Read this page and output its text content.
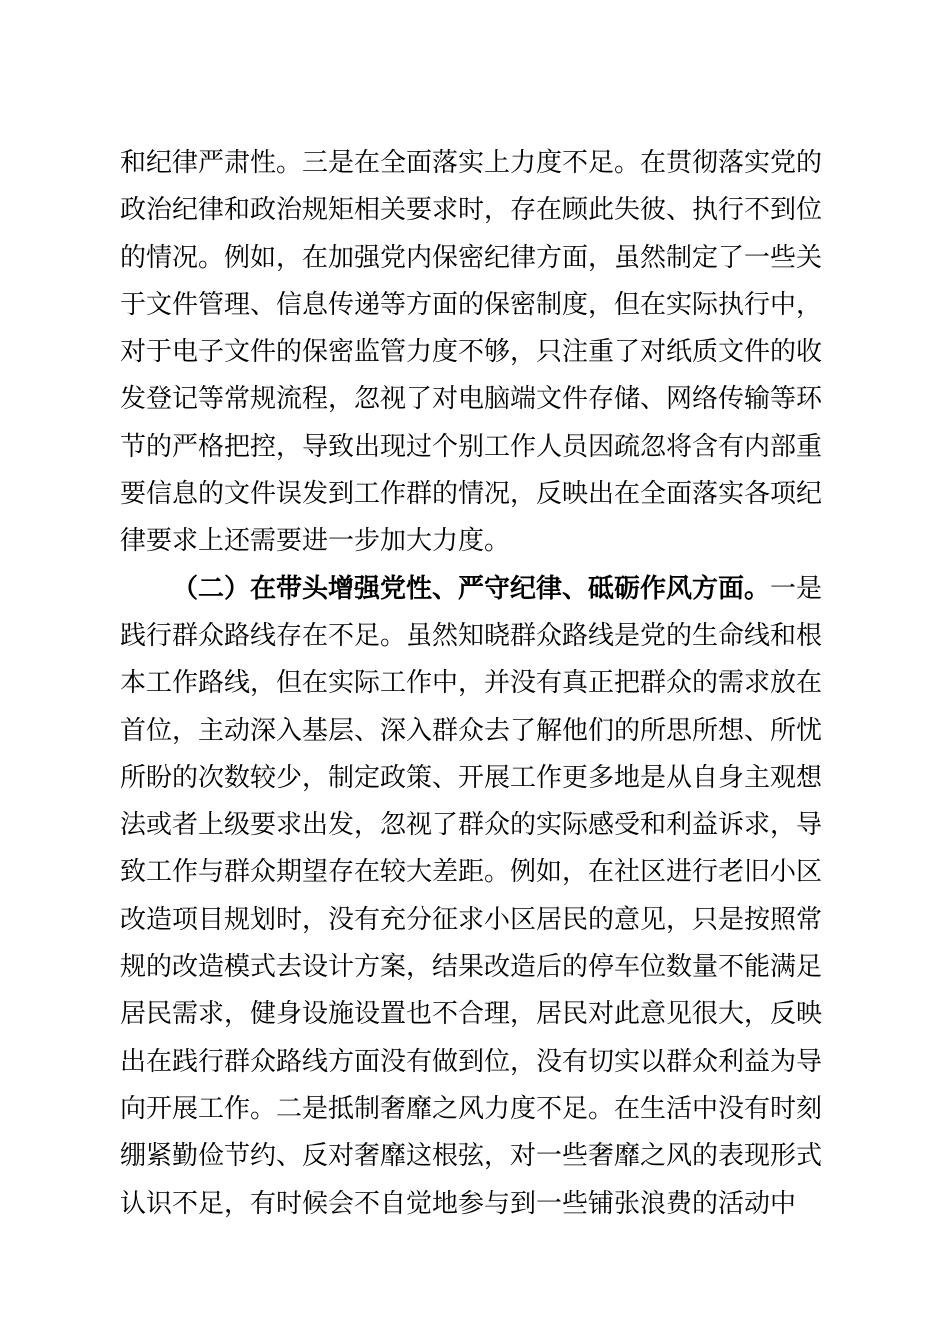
和纪律严肃性。三是在全面落实上力度不足。在贯彻落实党的
政治纪律和政治规矩相关要求时，存在顾此失彼、执行不到位
的情况。例如，在加强党内保密纪律方面，虽然制定了一些关
于文件管理、信息传递等方面的保密制度，但在实际执行中，
对于电子文件的保密监管力度不够，只注重了对纸质文件的收
发登记等常规流程，忽视了对电脑端文件存储、网络传输等环
节的严格把控，导致出现过个别工作人员因疏忽将含有内部重
要信息的文件误发到工作群的情况，反映出在全面落实各项纪
律要求上还需要进一步加大力度。
（二）在带头增强党性、严守纪律、砥砺作风方面。一是
践行群众路线存在不足。虽然知晓群众路线是党的生命线和根
本工作路线，但在实际工作中，并没有真正把群众的需求放在
首位，主动深入基层、深入群众去了解他们的所思所想、所忧
所盼的次数较少，制定政策、开展工作更多地是从自身主观想
法或者上级要求出发，忽视了群众的实际感受和利益诉求，导
致工作与群众期望存在较大差距。例如，在社区进行老旧小区
改造项目规划时，没有充分征求小区居民的意见，只是按照常
规的改造模式去设计方案，结果改造后的停车位数量不能满足
居民需求，健身设施设置也不合理，居民对此意见很大，反映
出在践行群众路线方面没有做到位，没有切实以群众利益为导
向开展工作。二是抵制奢靡之风力度不足。在生活中没有时刻
绷紧勤俭节约、反对奢靡这根弦，对一些奢靡之风的表现形式
认识不足，有时候会不自觉地参与到一些铺张浪费的活动中
